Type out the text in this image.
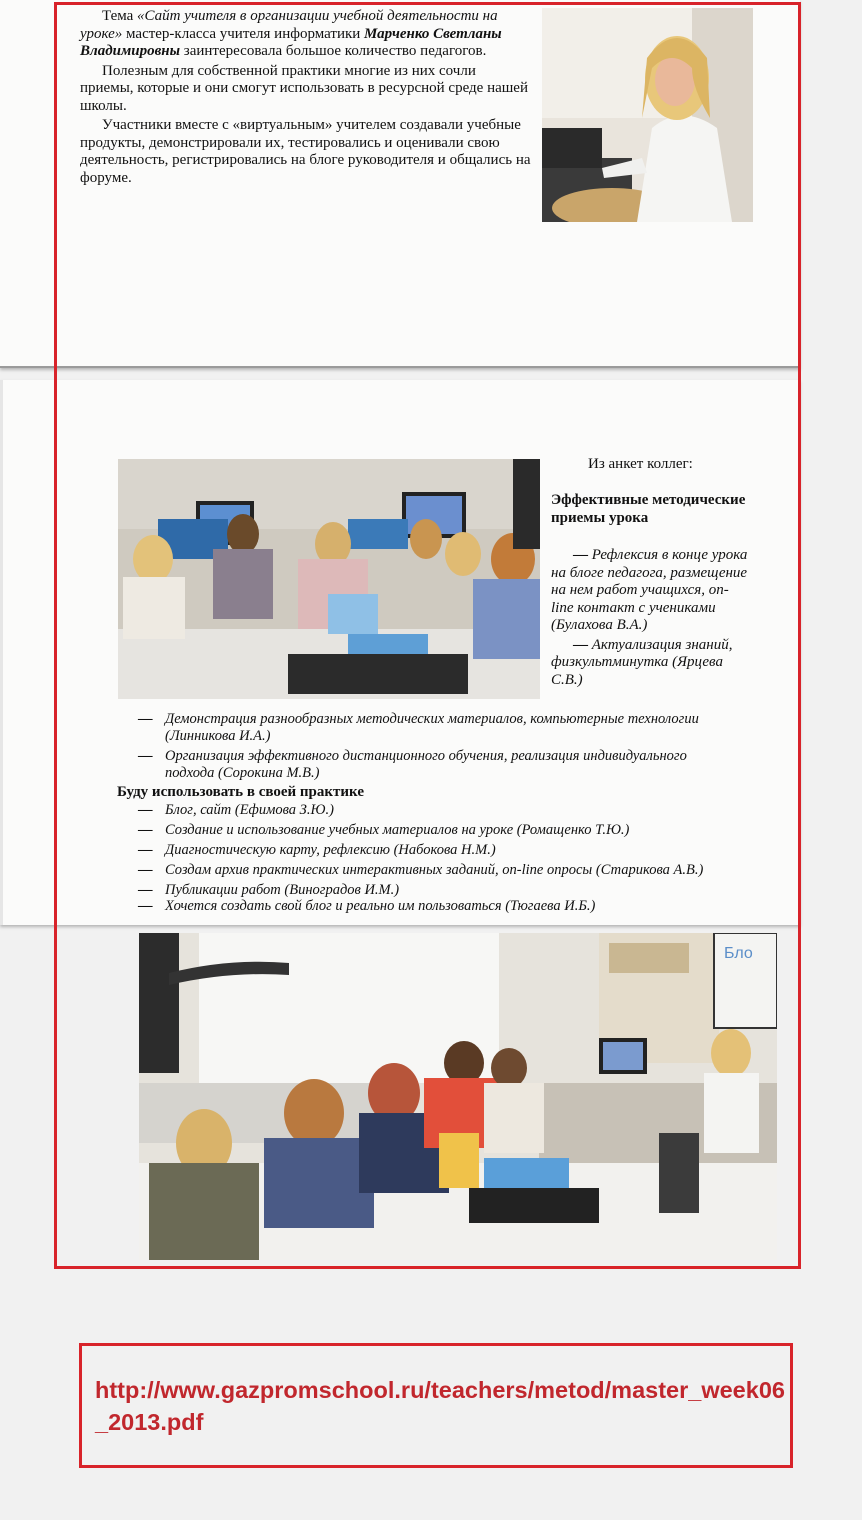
Тема «Сайт учителя в организации учебной деятельности на уроке» мастер-класса учителя информатики Марченко Светланы Владимировны заинтересовала большое количество педагогов.

Полезным для собственной практики многие из них сочли приемы, которые и они смогут использовать в ресурсной среде нашей школы.

Участники вместе с «виртуальным» учителем создавали учебные продукты, демонстрировали их, тестировались и оценивали свою деятельность, регистрировались на блоге руководителя и общались на форуме.

Из анкет коллег:
Эффективные методические приемы урока

— Рефлексия в конце урока на блоге педагога, размещение на нем работ учащихся, on-line контакт с учениками (Булахова В.А.)

— Актуализация знаний, физкультминутка (Ярцева С.В.)

— Демонстрация разнообразных методических материалов, компьютерные технологии (Линникова И.А.)
— Организация эффективного дистанционного обучения, реализация индивидуального подхода (Сорокина М.В.)
Буду использовать в своей практике
— Блог, сайт (Ефимова З.Ю.)
— Создание и использование учебных материалов на уроке (Ромащенко Т.Ю.)
— Диагностическую карту, рефлексию (Набокова Н.М.)
— Создам архив практических интерактивных заданий, on-line опросы (Старикова А.В.)
— Публикации работ (Виноградов И.М.)
— Хочется создать свой блог и реально им пользоваться (Тюгаева И.Б.)
Бло
http://www.gazpromschool.ru/teachers/metod/master_week06_2013.pdf
